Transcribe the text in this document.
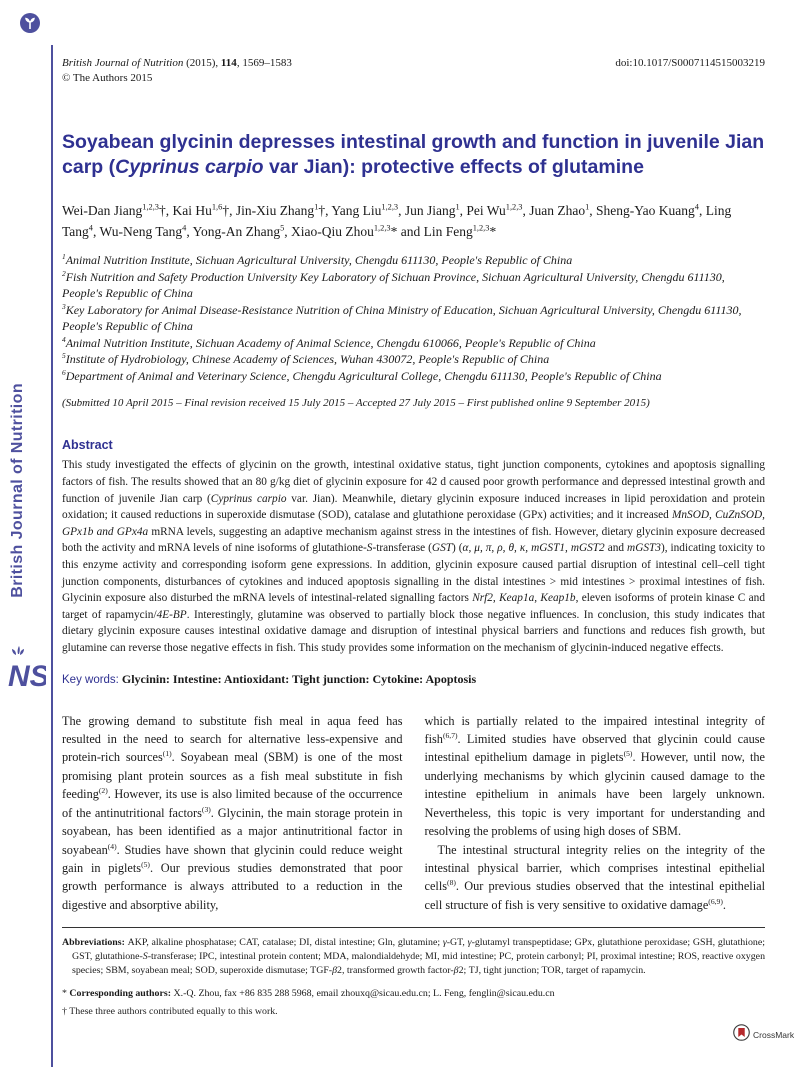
British Journal of Nutrition
NS
British Journal of Nutrition (2015), 114, 1569–1583
© The Authors 2015
doi:10.1017/S0007114515003219
Soyabean glycinin depresses intestinal growth and function in juvenile Jian carp (Cyprinus carpio var Jian): protective effects of glutamine
Wei-Dan Jiang$^{1,2,3}$†, Kai Hu$^{1,6}$†, Jin-Xiu Zhang$^1$†, Yang Liu$^{1,2,3}$, Jun Jiang$^1$, Pei Wu$^{1,2,3}$, Juan Zhao$^1$, Sheng-Yao Kuang$^4$, Ling Tang$^4$, Wu-Neng Tang$^4$, Yong-An Zhang$^5$, Xiao-Qiu Zhou$^{1,2,3}$* and Lin Feng$^{1,2,3}$*
$^1$Animal Nutrition Institute, Sichuan Agricultural University, Chengdu 611130, People's Republic of China
$^2$Fish Nutrition and Safety Production University Key Laboratory of Sichuan Province, Sichuan Agricultural University, Chengdu 611130, People's Republic of China
$^3$Key Laboratory for Animal Disease-Resistance Nutrition of China Ministry of Education, Sichuan Agricultural University, Chengdu 611130, People's Republic of China
$^4$Animal Nutrition Institute, Sichuan Academy of Animal Science, Chengdu 610066, People's Republic of China
$^5$Institute of Hydrobiology, Chinese Academy of Sciences, Wuhan 430072, People's Republic of China
$^6$Department of Animal and Veterinary Science, Chengdu Agricultural College, Chengdu 611130, People's Republic of China
(Submitted 10 April 2015 – Final revision received 15 July 2015 – Accepted 27 July 2015 – First published online 9 September 2015)
Abstract
This study investigated the effects of glycinin on the growth, intestinal oxidative status, tight junction components, cytokines and apoptosis signalling factors of fish. The results showed that an 80 g/kg diet of glycinin exposure for 42 d caused poor growth performance and depressed intestinal growth and function of juvenile Jian carp (Cyprinus carpio var. Jian). Meanwhile, dietary glycinin exposure induced increases in lipid peroxidation and protein oxidation; it caused reductions in superoxide dismutase (SOD), catalase and glutathione peroxidase (GPx) activities; and it increased MnSOD, CuZnSOD, GPx1b and GPx4a mRNA levels, suggesting an adaptive mechanism against stress in the intestines of fish. However, dietary glycinin exposure decreased both the activity and mRNA levels of nine isoforms of glutathione-S-transferase (GST) (α, μ, π, ρ, θ, κ, mGST1, mGST2 and mGST3), indicating toxicity to this enzyme activity and corresponding isoform gene expressions. In addition, glycinin exposure caused partial disruption of intestinal cell–cell tight junction components, disturbances of cytokines and induced apoptosis signalling in the distal intestines > mid intestines > proximal intestines of fish. Glycinin exposure also disturbed the mRNA levels of intestinal-related signalling factors Nrf2, Keap1a, Keap1b, eleven isoforms of protein kinase C and target of rapamycin/4E-BP. Interestingly, glutamine was observed to partially block those negative influences. In conclusion, this study indicates that dietary glycinin exposure causes intestinal oxidative damage and disruption of intestinal physical barriers and functions and reduces fish growth, but glutamine can reverse those negative effects in fish. This study provides some information on the mechanism of glycinin-induced negative effects.
Key words: Glycinin: Intestine: Antioxidant: Tight junction: Cytokine: Apoptosis

The growing demand to substitute fish meal in aqua feed has resulted in the need to search for alternative less-expensive and protein-rich sources$^{(1)}$. Soyabean meal (SBM) is one of the most promising plant protein sources as a fish meal substitute in fish feeding$^{(2)}$. However, its use is also limited because of the occurrence of the antinutritional factors$^{(3)}$. Glycinin, the main storage protein in soyabean, has been identified as a major antinutritional factor in soyabean$^{(4)}$. Studies have shown that glycinin could reduce weight gain in piglets$^{(5)}$. Our previous studies demonstrated that poor growth performance is always attributed to a reduction in the digestive and absorptive ability,

which is partially related to the impaired intestinal integrity of fish$^{(6,7)}$. Limited studies have observed that glycinin could cause intestinal epithelium damage in piglets$^{(5)}$. However, until now, the underlying mechanisms by which glycinin caused damage to the intestine epithelium in animals have been largely unknown. Nevertheless, this topic is very important for understanding and resolving the problems of using high doses of SBM.

The intestinal structural integrity relies on the integrity of the intestinal physical barrier, which comprises intestinal epithelial cells$^{(8)}$. Our previous studies observed that the intestinal epithelial cell structure of fish is very sensitive to oxidative damage$^{(6,9)}$.

Abbreviations: AKP, alkaline phosphatase; CAT, catalase; DI, distal intestine; Gln, glutamine; γ-GT, γ-glutamyl transpeptidase; GPx, glutathione peroxidase; GSH, glutathione; GST, glutathione-S-transferase; IPC, intestinal protein content; MDA, malondialdehyde; MI, mid intestine; PC, protein carbonyl; PI, proximal intestine; ROS, reactive oxygen species; SBM, soyabean meal; SOD, superoxide dismutase; TGF-β2, transformed growth factor-β2; TJ, tight junction; TOR, target of rapamycin.
* Corresponding authors: X.-Q. Zhou, fax +86 835 288 5968, email zhouxq@sicau.edu.cn; L. Feng, fenglin@sicau.edu.cn
† These three authors contributed equally to this work.
CrossMark
